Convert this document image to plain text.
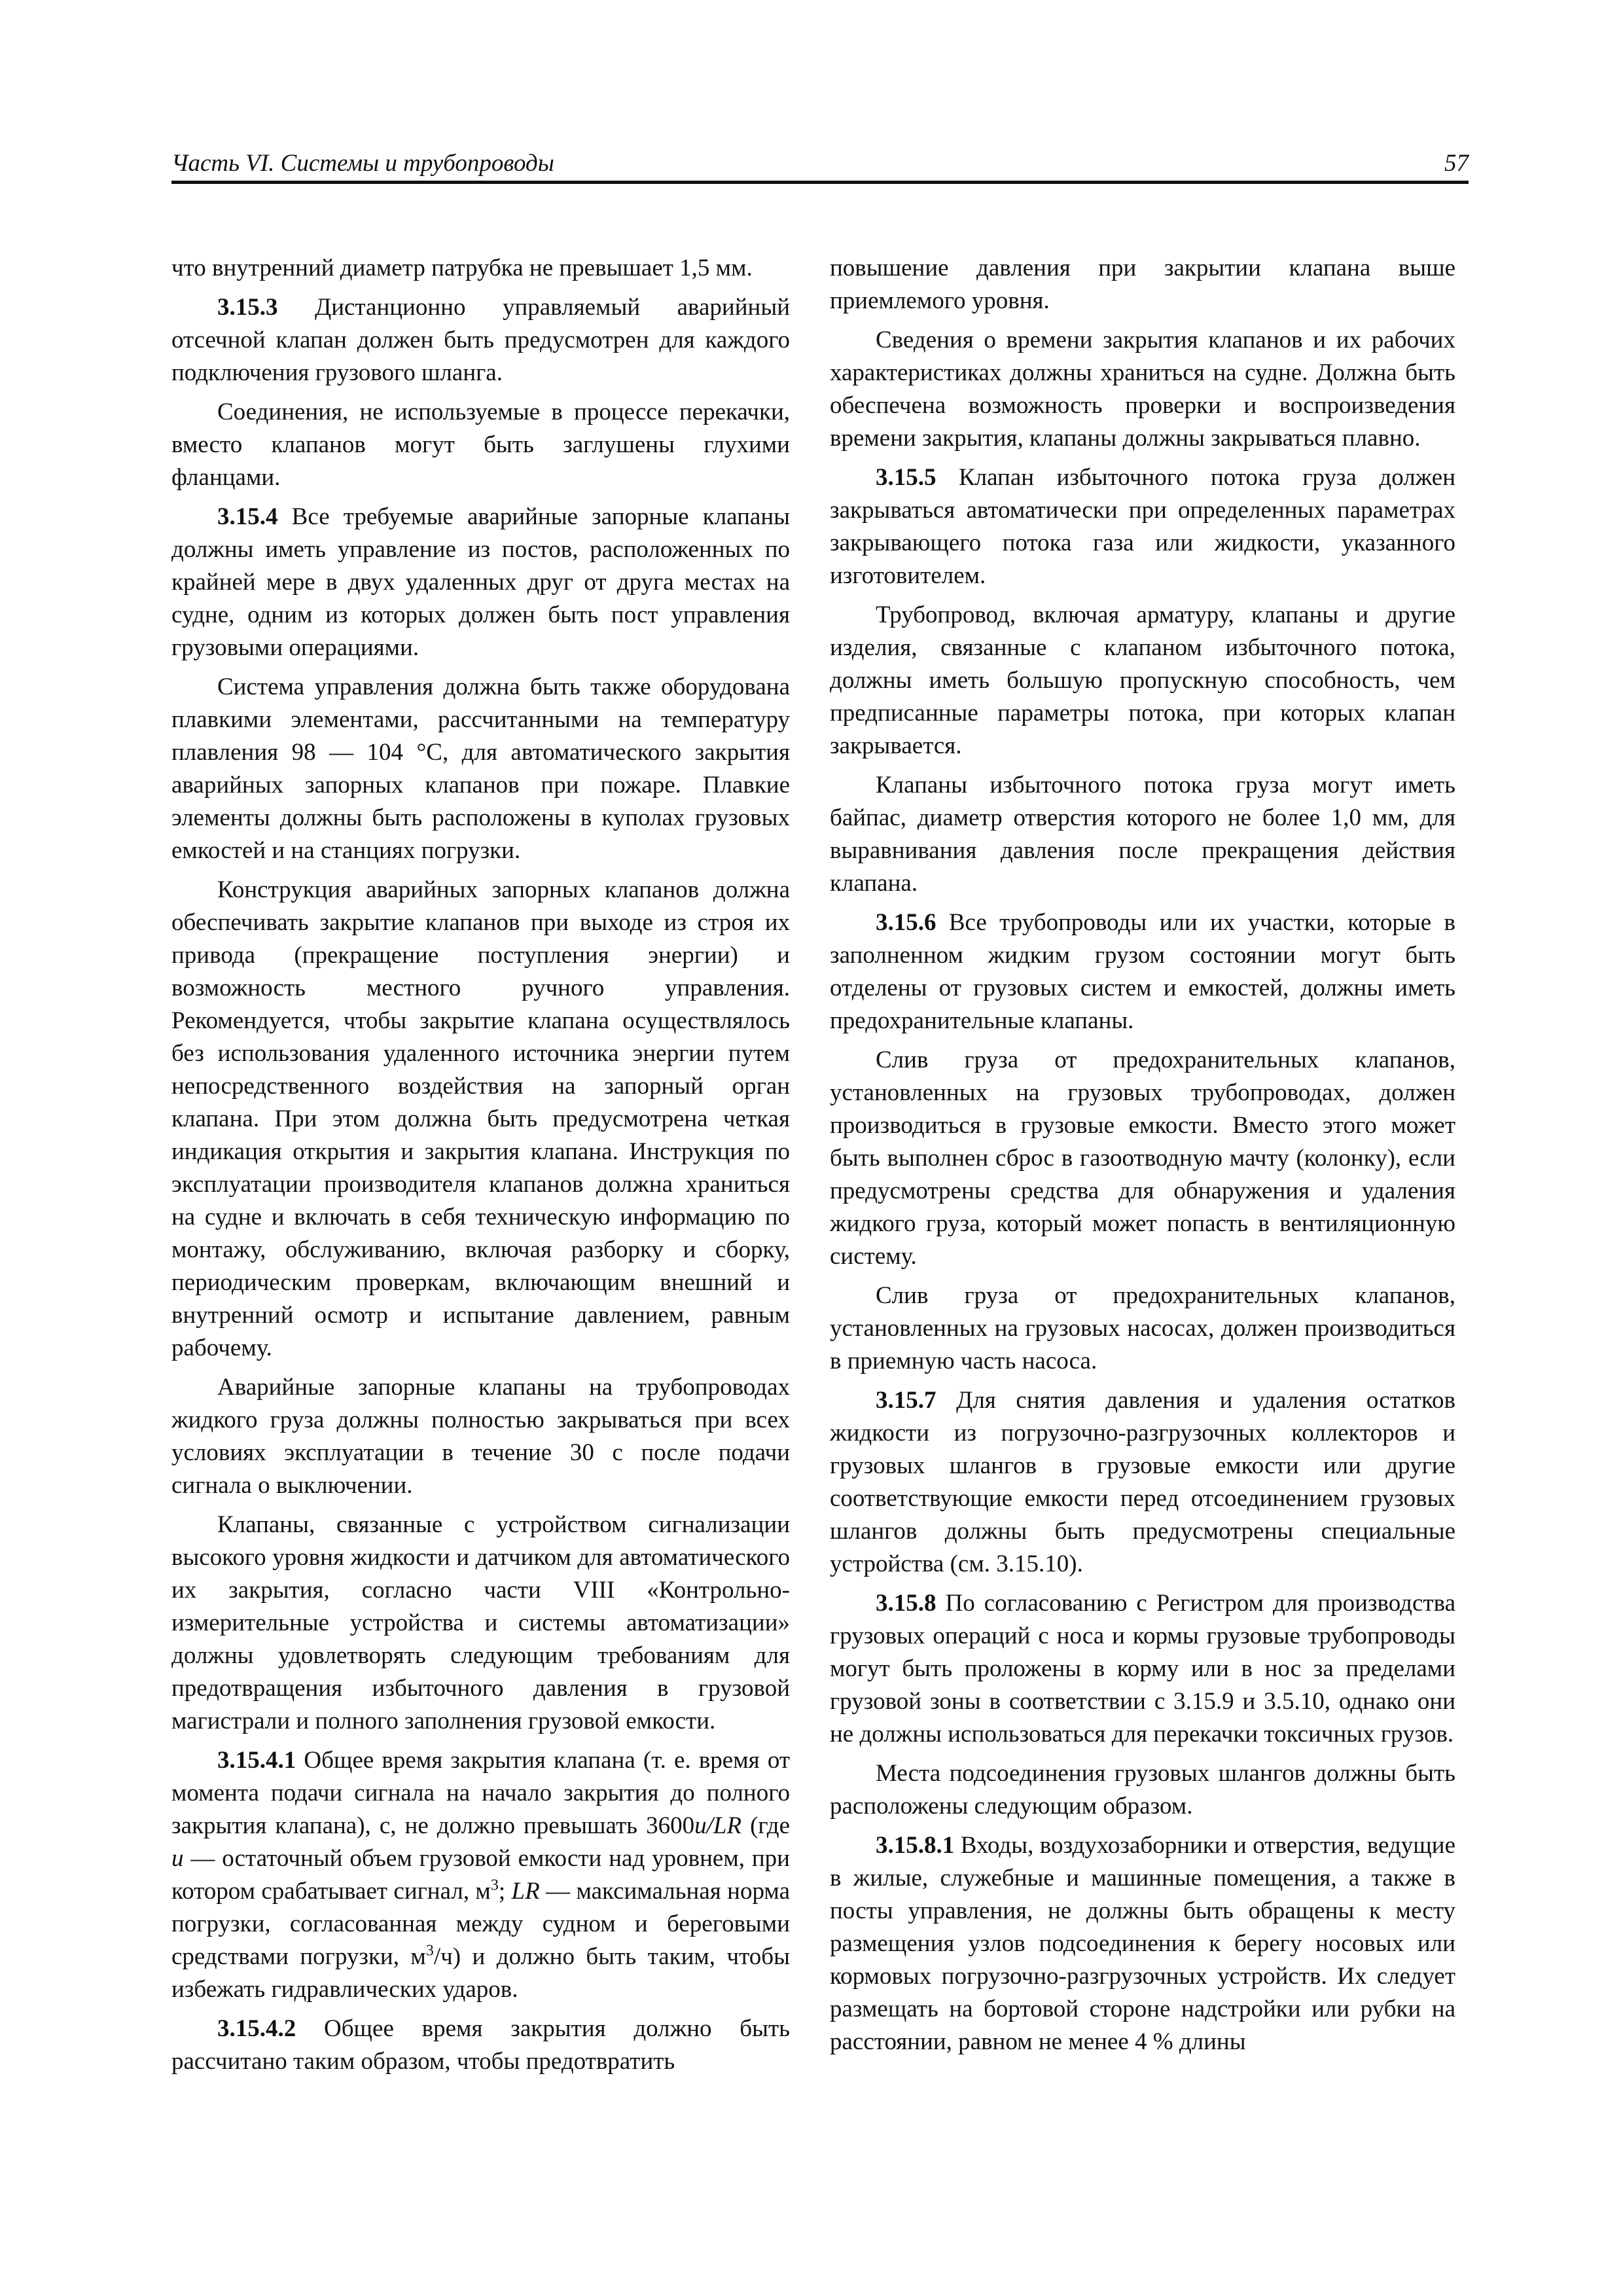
Часть VI. Системы и трубопроводы	57

что внутренний диаметр патрубка не превышает 1,5 мм.

3.15.3 Дистанционно управляемый аварийный отсечной клапан должен быть предусмотрен для каждого подключения грузового шланга.

Соединения, не используемые в процессе перекачки, вместо клапанов могут быть заглушены глухими фланцами.

3.15.4 Все требуемые аварийные запорные клапаны должны иметь управление из постов, расположенных по крайней мере в двух удаленных друг от друга местах на судне, одним из которых должен быть пост управления грузовыми операциями.

Система управления должна быть также оборудована плавкими элементами, рассчитанными на температуру плавления 98 — 104 °С, для автоматического закрытия аварийных запорных клапанов при пожаре. Плавкие элементы должны быть расположены в куполах грузовых емкостей и на станциях погрузки.

Конструкция аварийных запорных клапанов должна обеспечивать закрытие клапанов при выходе из строя их привода (прекращение поступления энергии) и возможность местного ручного управления. Рекомендуется, чтобы закрытие клапана осуществлялось без использования удаленного источника энергии путем непосредственного воздействия на запорный орган клапана. При этом должна быть предусмотрена четкая индикация открытия и закрытия клапана. Инструкция по эксплуатации производителя клапанов должна храниться на судне и включать в себя техническую информацию по монтажу, обслуживанию, включая разборку и сборку, периодическим проверкам, включающим внешний и внутренний осмотр и испытание давлением, равным рабочему.

Аварийные запорные клапаны на трубопроводах жидкого груза должны полностью закрываться при всех условиях эксплуатации в течение 30 с после подачи сигнала о выключении.

Клапаны, связанные с устройством сигнализации высокого уровня жидкости и датчиком для автоматического их закрытия, согласно части VIII «Контрольно-измерительные устройства и системы автоматизации» должны удовлетворять следующим требованиям для предотвращения избыточного давления в грузовой магистрали и полного заполнения грузовой емкости.

3.15.4.1 Общее время закрытия клапана (т. е. время от момента подачи сигнала на начало закрытия до полного закрытия клапана), с, не должно превышать 3600u/LR (где u — остаточный объем грузовой емкости над уровнем, при котором срабатывает сигнал, $м^3$; LR — максимальная норма погрузки, согласованная между судном и береговыми средствами погрузки, $м^3/ч$) и должно быть таким, чтобы избежать гидравлических ударов.

3.15.4.2 Общее время закрытия должно быть рассчитано таким образом, чтобы предотвратить

повышение давления при закрытии клапана выше приемлемого уровня.

Сведения о времени закрытия клапанов и их рабочих характеристиках должны храниться на судне. Должна быть обеспечена возможность проверки и воспроизведения времени закрытия, клапаны должны закрываться плавно.

3.15.5 Клапан избыточного потока груза должен закрываться автоматически при определенных параметрах закрывающего потока газа или жидкости, указанного изготовителем.

Трубопровод, включая арматуру, клапаны и другие изделия, связанные с клапаном избыточного потока, должны иметь большую пропускную способность, чем предписанные параметры потока, при которых клапан закрывается.

Клапаны избыточного потока груза могут иметь байпас, диаметр отверстия которого не более 1,0 мм, для выравнивания давления после прекращения действия клапана.

3.15.6 Все трубопроводы или их участки, которые в заполненном жидким грузом состоянии могут быть отделены от грузовых систем и емкостей, должны иметь предохранительные клапаны.

Слив груза от предохранительных клапанов, установленных на грузовых трубопроводах, должен производиться в грузовые емкости. Вместо этого может быть выполнен сброс в газоотводную мачту (колонку), если предусмотрены средства для обнаружения и удаления жидкого груза, который может попасть в вентиляционную систему.

Слив груза от предохранительных клапанов, установленных на грузовых насосах, должен производиться в приемную часть насоса.

3.15.7 Для снятия давления и удаления остатков жидкости из погрузочно-разгрузочных коллекторов и грузовых шлангов в грузовые емкости или другие соответствующие емкости перед отсоединением грузовых шлангов должны быть предусмотрены специальные устройства (см. 3.15.10).

3.15.8 По согласованию с Регистром для производства грузовых операций с носа и кормы грузовые трубопроводы могут быть проложены в корму или в нос за пределами грузовой зоны в соответствии с 3.15.9 и 3.5.10, однако они не должны использоваться для перекачки токсичных грузов.

Места подсоединения грузовых шлангов должны быть расположены следующим образом.

3.15.8.1 Входы, воздухозаборники и отверстия, ведущие в жилые, служебные и машинные помещения, а также в посты управления, не должны быть обращены к месту размещения узлов подсоединения к берегу носовых или кормовых погрузочно-разгрузочных устройств. Их следует размещать на бортовой стороне надстройки или рубки на расстоянии, равном не менее 4 % длины
